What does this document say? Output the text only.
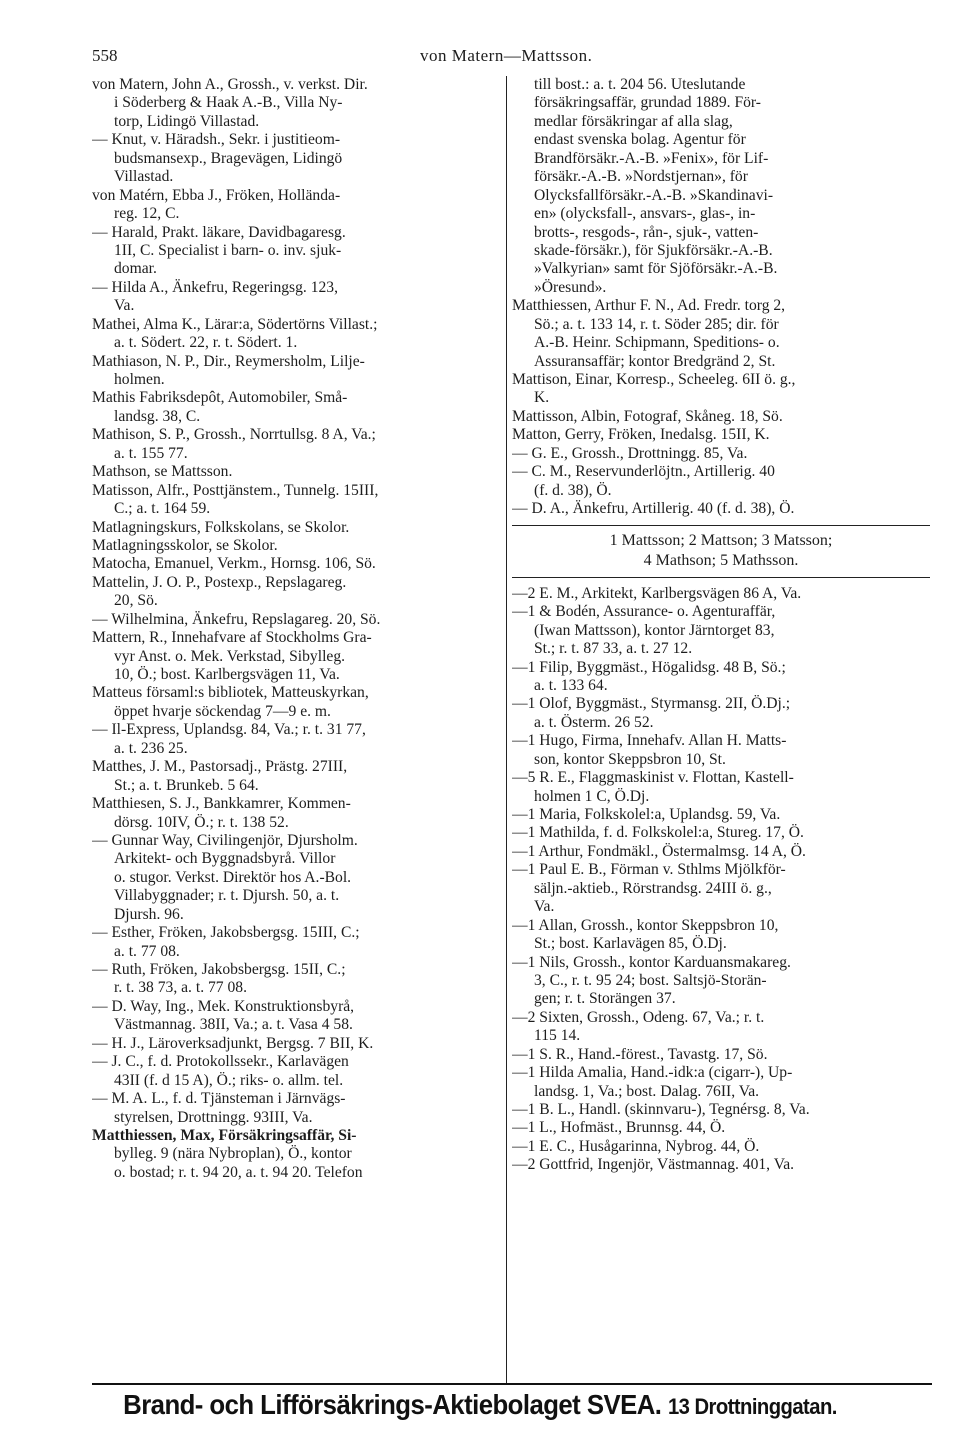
558	von Matern—Mattsson.
von Matern, John A., Grossh., v. verkst. Dir.
i Söderberg & Haak A.-B., Villa Ny-
torp, Lidingö Villastad.
— Knut, v. Häradsh., Sekr. i justitieom-
budsmansexp., Bragevägen, Lidingö
Villastad.
von Matérn, Ebba J., Fröken, Hollända-
reg. 12, C.
— Harald, Prakt. läkare, Davidbagaresg.
1II, C. Specialist i barn- o. inv. sjuk-
domar.
— Hilda A., Änkefru, Regeringsg. 123,
Va.
Mathei, Alma K., Lärar:a, Södertörns Villast.;
a. t. Södert. 22, r. t. Södert. 1.
Mathiason, N. P., Dir., Reymersholm, Lilje-
holmen.
Mathis Fabriksdepôt, Automobiler, Små-
landsg. 38, C.
Mathison, S. P., Grossh., Norrtullsg. 8 A, Va.;
a. t. 155 77.
Mathson, se Mattsson.
Matisson, Alfr., Posttjänstem., Tunnelg. 15III,
C.; a. t. 164 59.
Matlagningskurs, Folkskolans, se Skolor.
Matlagningsskolor, se Skolor.
Matocha, Emanuel, Verkm., Hornsg. 106, Sö.
Mattelin, J. O. P., Postexp., Repslagareg.
20, Sö.
— Wilhelmina, Änkefru, Repslagareg. 20, Sö.
Mattern, R., Innehafvare af Stockholms Gra-
vyr Anst. o. Mek. Verkstad, Sibylleg.
10, Ö.; bost. Karlbergsvägen 11, Va.
Matteus församl:s bibliotek, Matteuskyrkan,
öppet hvarje söckendag 7—9 e. m.
— Il-Express, Uplandsg. 84, Va.; r. t. 31 77,
a. t. 236 25.
Matthes, J. M., Pastorsadj., Prästg. 27III,
St.; a. t. Brunkeb. 5 64.
Matthiesen, S. J., Bankkamrer, Kommen-
dörsg. 10IV, Ö.; r. t. 138 52.
— Gunnar Way, Civilingenjör, Djursholm.
Arkitekt- och Byggnadsbyrå. Villor
o. stugor. Verkst. Direktör hos A.-Bol.
Villabyggnader; r. t. Djursh. 50, a. t.
Djursh. 96.
— Esther, Fröken, Jakobsbergsg. 15III, C.;
a. t. 77 08.
— Ruth, Fröken, Jakobsbergsg. 15II, C.;
r. t. 38 73, a. t. 77 08.
— D. Way, Ing., Mek. Konstruktionsbyrå,
Västmannag. 38II, Va.; a. t. Vasa 4 58.
— H. J., Läroverksadjunkt, Bergsg. 7 BII, K.
— J. C., f. d. Protokollssekr., Karlavägen
43II (f. d 15 A), Ö.; riks- o. allm. tel.
— M. A. L., f. d. Tjänsteman i Järnvägs-
styrelsen, Drottningg. 93III, Va.
Matthiessen, Max, Försäkringsaffär, Si-
bylleg. 9 (nära Nybroplan), Ö., kontor
o. bostad; r. t. 94 20, a. t. 94 20. Telefon
till bost.: a. t. 204 56. Uteslutande
försäkringsaffär, grundad 1889. För-
medlar försäkringar af alla slag,
endast svenska bolag. Agentur för
Brandförsäkr.-A.-B. »Fenix», för Lif-
försäkr.-A.-B. »Nordstjernan», för
Olycksfallförsäkr.-A.-B. »Skandinavi-
en» (olycksfall-, ansvars-, glas-, in-
brotts-, resgods-, rån-, sjuk-, vatten-
skade-försäkr.), för Sjukförsäkr.-A.-B.
»Valkyrian» samt för Sjöförsäkr.-A.-B.
»Öresund».
Matthiessen, Arthur F. N., Ad. Fredr. torg 2,
Sö.; a. t. 133 14, r. t. Söder 285; dir. för
A.-B. Heinr. Schipmann, Speditions- o.
Assuransaffär; kontor Bredgränd 2, St.
Mattison, Einar, Korresp., Scheeleg. 6II ö. g.,
K.
Mattisson, Albin, Fotograf, Skåneg. 18, Sö.
Matton, Gerry, Fröken, Inedalsg. 15II, K.
— G. E., Grossh., Drottningg. 85, Va.
— C. M., Reservunderlöjtn., Artillerig. 40
(f. d. 38), Ö.
— D. A., Änkefru, Artillerig. 40 (f. d. 38), Ö.
1 Mattsson; 2 Mattson; 3 Matsson;
4 Mathson; 5 Mathsson.
—2 E. M., Arkitekt, Karlbergsvägen 86 A, Va.
—1 & Bodén, Assurance- o. Agenturaffär,
(Iwan Mattsson), kontor Järntorget 83,
St.; r. t. 87 33, a. t. 27 12.
—1 Filip, Byggmäst., Högalidsg. 48 B, Sö.;
a. t. 133 64.
—1 Olof, Byggmäst., Styrmansg. 2II, Ö.Dj.;
a. t. Österm. 26 52.
—1 Hugo, Firma, Innehafv. Allan H. Matts-
son, kontor Skeppsbron 10, St.
—5 R. E., Flaggmaskinist v. Flottan, Kastell-
holmen 1 C, Ö.Dj.
—1 Maria, Folkskolel:a, Uplandsg. 59, Va.
—1 Mathilda, f. d. Folkskolel:a, Stureg. 17, Ö.
—1 Arthur, Fondmäkl., Östermalmsg. 14 A, Ö.
—1 Paul E. B., Förman v. Sthlms Mjölkför-
säljn.-aktieb., Rörstrandsg. 24III ö. g.,
Va.
—1 Allan, Grossh., kontor Skeppsbron 10,
St.; bost. Karlavägen 85, Ö.Dj.
—1 Nils, Grossh., kontor Karduansmakareg.
3, C., r. t. 95 24; bost. Saltsjö-Storän-
gen; r. t. Storängen 37.
—2 Sixten, Grossh., Odeng. 67, Va.; r. t.
115 14.
—1 S. R., Hand.-förest., Tavastg. 17, Sö.
—1 Hilda Amalia, Hand.-idk:a (cigarr-), Up-
landsg. 1, Va.; bost. Dalag. 76II, Va.
—1 B. L., Handl. (skinnvaru-), Tegnérsg. 8, Va.
—1 L., Hofmäst., Brunnsg. 44, Ö.
—1 E. C., Husågarinna, Nybrog. 44, Ö.
—2 Gottfrid, Ingenjör, Västmannag. 401, Va.
Brand- och Lifförsäkrings-Aktiebolaget SVEA. 13 Drottninggatan.
